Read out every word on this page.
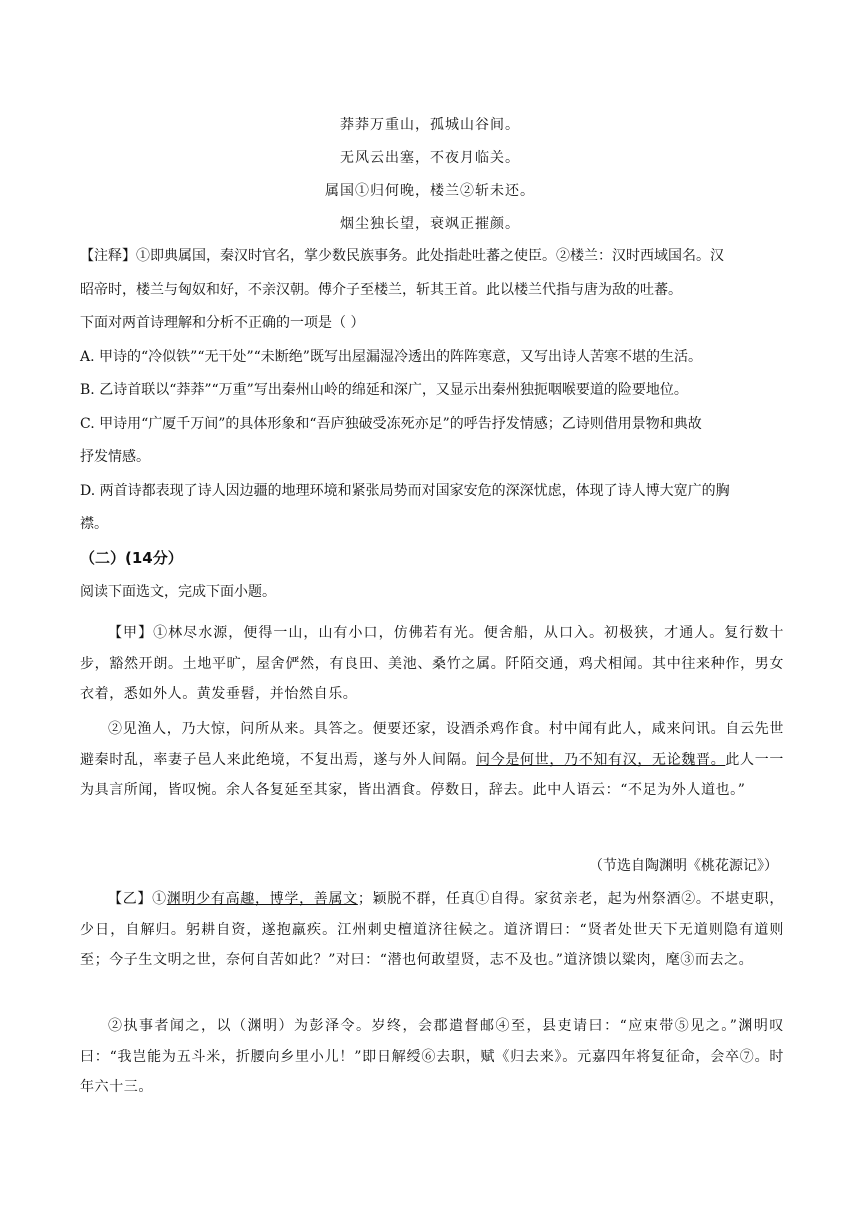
莽莽万重山，孤城山谷间。
无风云出塞，不夜月临关。
属国①归何晚，楼兰②斩未还。
烟尘独长望，衰飒正摧颜。
【注释】①即典属国，秦汉时官名，掌少数民族事务。此处指赴吐蕃之使臣。②楼兰：汉时西域国名。汉
昭帝时，楼兰与匈奴和好，不亲汉朝。傅介子至楼兰，斩其王首。此以楼兰代指与唐为敌的吐蕃。
下面对两首诗理解和分析不正确的一项是（ ）
A. 甲诗的“冷似铁”“无干处”“未断绝”既写出屋漏湿冷透出的阵阵寒意，又写出诗人苦寒不堪的生活。
B. 乙诗首联以“莽莽”“万重”写出秦州山岭的绵延和深广，又显示出秦州独扼咽喉要道的险要地位。
C. 甲诗用“广厦千万间”的具体形象和“吾庐独破受冻死亦足”的呼告抒发情感；乙诗则借用景物和典故
抒发情感。
D. 两首诗都表现了诗人因边疆的地理环境和紧张局势而对国家安危的深深忧虑，体现了诗人博大宽广的胸
襟。
（二）(14分）
阅读下面选文，完成下面小题。
【甲】①林尽水源，便得一山，山有小口，仿佛若有光。便舍船，从口入。初极狭，才通人。复行数十步，豁然开朗。土地平旷，屋舍俨然，有良田、美池、桑竹之属。阡陌交通，鸡犬相闻。其中往来种作，男女衣着，悉如外人。黄发垂髫，并怡然自乐。
②见渔人，乃大惊，问所从来。具答之。便要还家，设酒杀鸡作食。村中闻有此人，咸来问讯。自云先世避秦时乱，率妻子邑人来此绝境，不复出焉，遂与外人间隔。问今是何世，乃不知有汉，无论魏晋。此人一一为具言所闻，皆叹惋。余人各复延至其家，皆出酒食。停数日，辞去。此中人语云：“不足为外人道也。”
（节选自陶渊明《桃花源记》）
【乙】①渊明少有高趣，博学，善属文；颖脱不群，任真①自得。家贫亲老，起为州祭酒②。不堪吏职，少日，自解归。躬耕自资，遂抱羸疾。江州刺史檀道济往候之。道济谓曰：“贤者处世天下无道则隐有道则至；今子生文明之世，奈何自苦如此？”对曰：“潜也何敢望贤，志不及也。”道济馈以粱肉，麾③而去之。
②执事者闻之，以（渊明）为彭泽令。岁终，会郡遣督邮④至，县吏请曰：“应束带⑤见之。”渊明叹曰：“我岂能为五斗米，折腰向乡里小儿！”即日解绶⑥去职，赋《归去来》。元嘉四年将复征命，会卒⑦。时年六十三。
